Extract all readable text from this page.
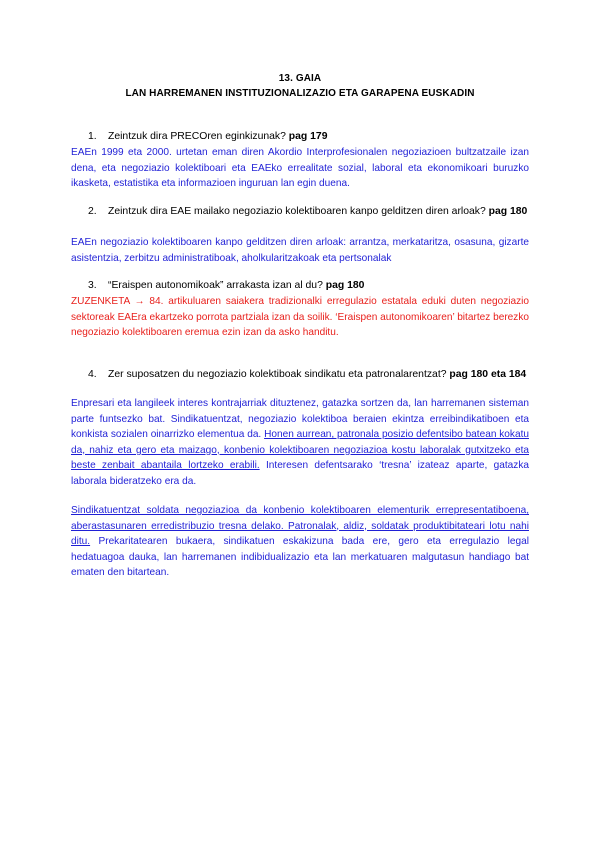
13. GAIA
LAN HARREMANEN INSTITUZIONALIZAZIO ETA GARAPENA EUSKADIN
1.	Zeintzuk dira PRECOren eginkizunak? pag 179
EAEn 1999 eta 2000. urtetan eman diren Akordio Interprofesionalen negoziazioen bultzatzaile izan dena, eta negoziazio kolektiboari eta EAEko errealitate sozial, laboral eta ekonomikoari buruzko ikasketa, estatistika eta informazioen inguruan lan egin duena.
2.	Zeintzuk dira EAE mailako negoziazio kolektiboaren kanpo gelditzen diren arloak? pag 180
EAEn negoziazio kolektiboaren kanpo gelditzen diren arloak: arrantza, merkataritza, osasuna, gizarte asistentzia, zerbitzu administratiboak, aholkularitzakoak eta pertsonalak
3.	“Eraispen autonomikoak” arrakasta izan al du? pag 180
ZUZENKETA → 84. artikuluaren saiakera tradizionalki erregulazio estatala eduki duten negoziazio sektoreak EAEra ekartzeko porrota partziala izan da soilik. ‘Eraispen autonomikoaren’ bitartez berezko negoziazio kolektiboaren eremua ezin izan da asko handitu.
4.	Zer suposatzen du negoziazio kolektiboak sindikatu eta patronalarentzat? pag 180 eta 184
Enpresari eta langileek interes kontrajarriak dituztenez, gatazka sortzen da, lan harremanen sisteman parte funtsezko bat. Sindikatuentzat, negoziazio kolektiboa beraien ekintza erreibindikatiboen eta konkista sozialen oinarrizko elementua da. Honen aurrean, patronala posizio defentsibo batean kokatu da, nahiz eta gero eta maizago, konbenio kolektiboaren negoziazioa kostu laboralak gutxitzeko eta beste zenbait abantaila lortzeko erabili. Interesen defentsarako ‘tresna’ izateaz aparte, gatazka laborala bideratzeko era da.
Sindikatuentzat soldata negoziazioa da konbenio kolektiboaren elementurik errepresentatiboena, aberastasunaren erredistribuzio tresna delako. Patronalak, aldiz, soldatak produktibitateari lotu nahi ditu. Prekaritatearen bukaera, sindikatuen eskakizuna bada ere, gero eta erregulazio legal hedatuagoa dauka, lan harremanen indibidualizazio eta lan merkatuaren malgutasun handiago bat ematen den bitartean.
